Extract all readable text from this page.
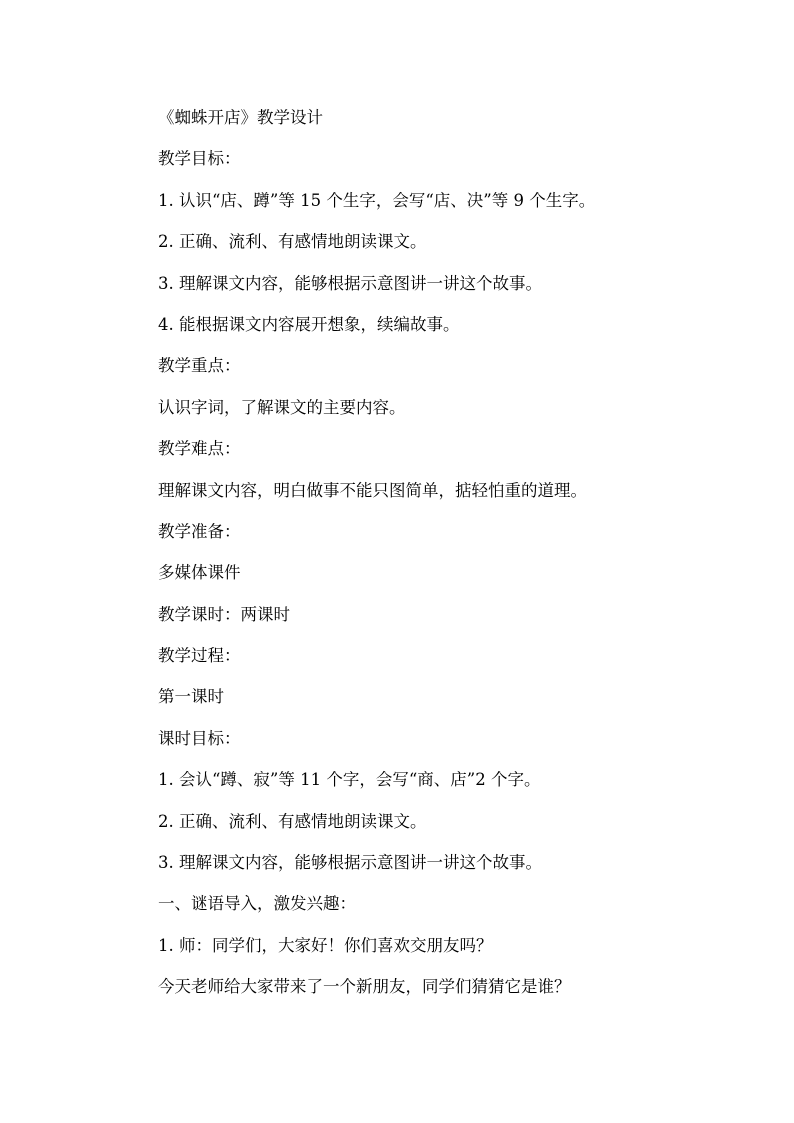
《蜘蛛开店》教学设计
教学目标：
1. 认识“店、蹲”等 15 个生字，会写“店、决”等 9 个生字。
2. 正确、流利、有感情地朗读课文。
3. 理解课文内容，能够根据示意图讲一讲这个故事。
4. 能根据课文内容展开想象，续编故事。
教学重点：
认识字词，了解课文的主要内容。
教学难点：
理解课文内容，明白做事不能只图简单，掂轻怕重的道理。
教学准备：
多媒体课件
教学课时：两课时
教学过程：
第一课时
课时目标：
1. 会认“蹲、寂”等 11 个字，会写“商、店”2 个字。
2. 正确、流利、有感情地朗读课文。
3. 理解课文内容，能够根据示意图讲一讲这个故事。
一、谜语导入，激发兴趣：
1. 师：同学们，大家好！你们喜欢交朋友吗？
今天老师给大家带来了一个新朋友，同学们猜猜它是谁？
